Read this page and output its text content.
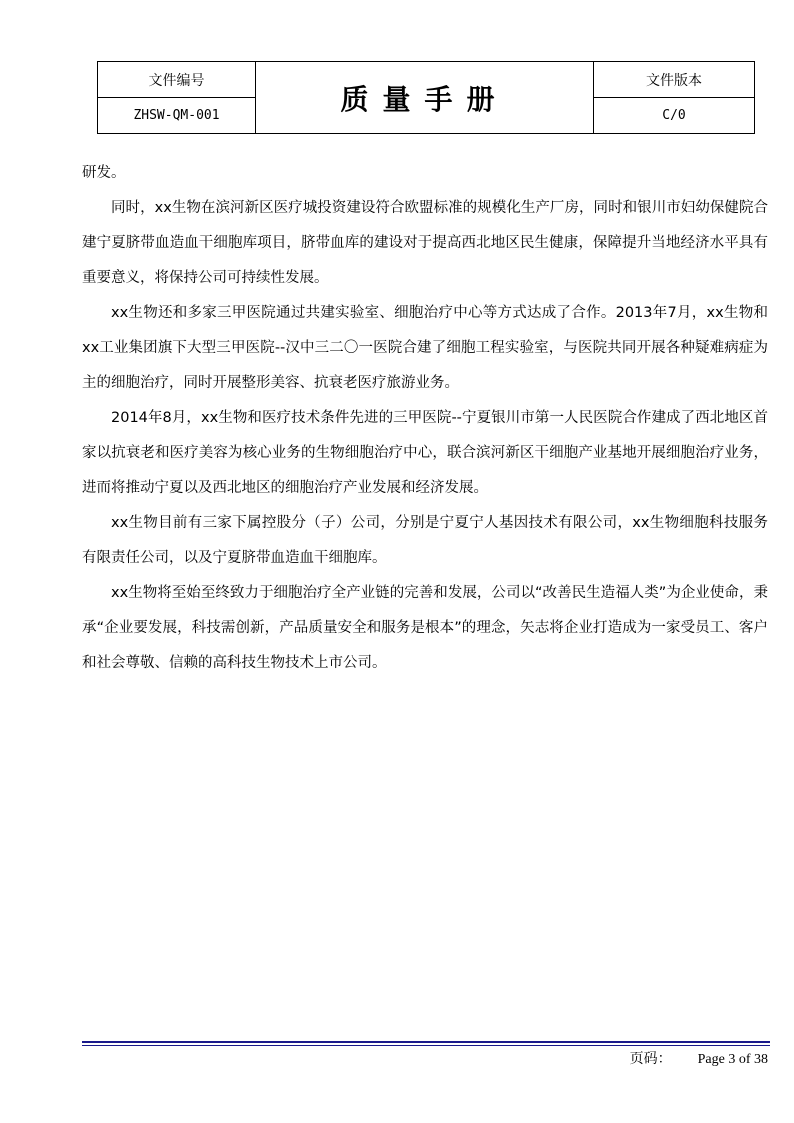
文件编号	质量手册	文件版本
ZHSW-QM-001		C/0

研发。

同时，xx生物在滨河新区医疗城投资建设符合欧盟标准的规模化生产厂房，同时和银川市妇幼保健院合建宁夏脐带血造血干细胞库项目，脐带血库的建设对于提高西北地区民生健康，保障提升当地经济水平具有重要意义，将保持公司可持续性发展。

xx生物还和多家三甲医院通过共建实验室、细胞治疗中心等方式达成了合作。2013年7月，xx生物和xx工业集团旗下大型三甲医院--汉中三二〇一医院合建了细胞工程实验室，与医院共同开展各种疑难病症为主的细胞治疗，同时开展整形美容、抗衰老医疗旅游业务。

2014年8月，xx生物和医疗技术条件先进的三甲医院--宁夏银川市第一人民医院合作建成了西北地区首家以抗衰老和医疗美容为核心业务的生物细胞治疗中心，联合滨河新区干细胞产业基地开展细胞治疗业务，进而将推动宁夏以及西北地区的细胞治疗产业发展和经济发展。

xx生物目前有三家下属控股分（子）公司，分别是宁夏宁人基因技术有限公司，xx生物细胞科技服务有限责任公司，以及宁夏脐带血造血干细胞库。

xx生物将至始至终致力于细胞治疗全产业链的完善和发展，公司以“改善民生造福人类”为企业使命，秉承“企业要发展，科技需创新，产品质量安全和服务是根本”的理念，矢志将企业打造成为一家受员工、客户和社会尊敬、信赖的高科技生物技术上市公司。

页码： Page 3 of 38
